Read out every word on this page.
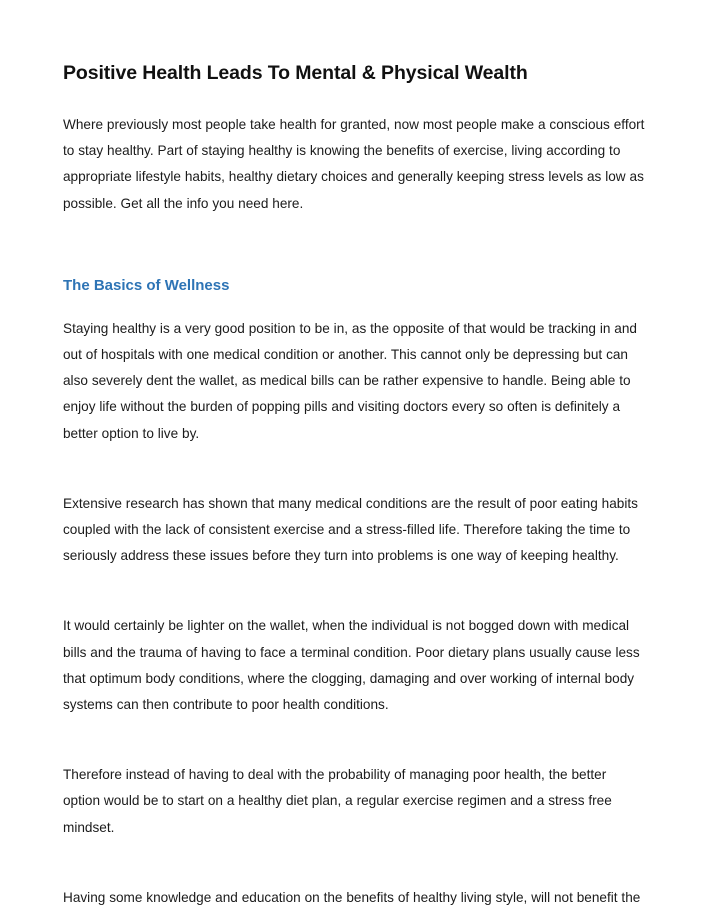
Positive Health Leads To Mental & Physical Wealth

Where previously most people take health for granted, now most people make a conscious effort to stay healthy. Part of staying healthy is knowing the benefits of exercise, living according to appropriate lifestyle habits, healthy dietary choices and generally keeping stress levels as low as possible. Get all the info you need here.

The Basics of Wellness

Staying healthy is a very good position to be in, as the opposite of that would be tracking in and out of hospitals with one medical condition or another. This cannot only be depressing but can also severely dent the wallet, as medical bills can be rather expensive to handle. Being able to enjoy life without the burden of popping pills and visiting doctors every so often is definitely a better option to live by.

Extensive research has shown that many medical conditions are the result of poor eating habits coupled with the lack of consistent exercise and a stress-filled life. Therefore taking the time to seriously address these issues before they turn into problems is one way of keeping healthy.

It would certainly be lighter on the wallet, when the individual is not bogged down with medical bills and the trauma of having to face a terminal condition. Poor dietary plans usually cause less that optimum body conditions, where the clogging, damaging and over working of internal body systems can then contribute to poor health conditions.

Therefore instead of having to deal with the probability of managing poor health, the better option would be to start on a healthy diet plan, a regular exercise regimen and a stress free mindset.

Having some knowledge and education on the benefits of healthy living style, will not benefit the
